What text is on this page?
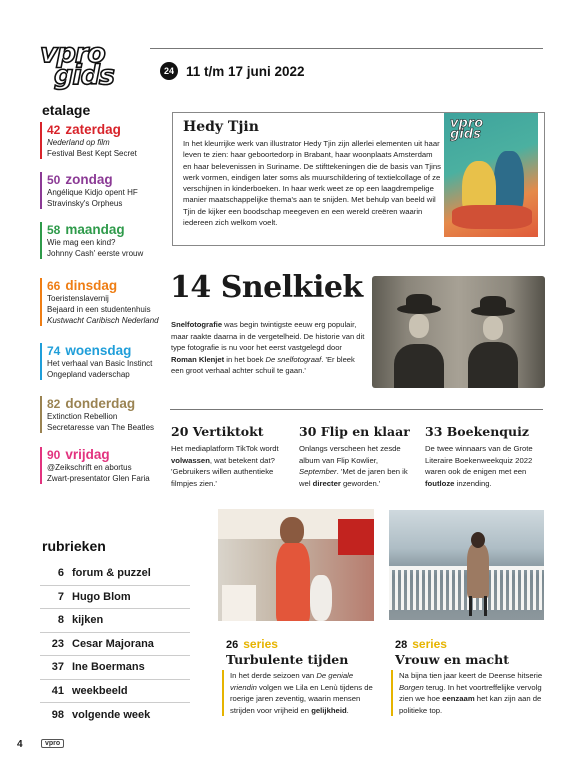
vpro
gids	24 11 t/m 17 juni 2022
etalage
42 zaterdag
Nederland op film
Festival Best Kept Secret
50 zondag
Angélique Kidjo opent HF
Stravinsky's Orpheus
58 maandag
Wie mag een kind?
Johnny Cash' eerste vrouw
66 dinsdag
Toeristenslavernij
Bejaard in een studentenhuis
Kustwacht Caribisch Nederland
74 woensdag
Het verhaal van Basic Instinct
Ongepland vaderschap
82 donderdag
Extinction Rebellion
Secretaresse van The Beatles
90 vrijdag
@Zeikschrift en abortus
Zwart-presentator Glen Faria
rubrieken
6 forum & puzzel
7 Hugo Blom
8 kijken
23 Cesar Majorana
37 Ine Boermans
41 weekbeeld
98 volgende week
Hedy Tjin
In het kleurrijke werk van illustrator Hedy Tjin zijn allerlei elementen uit haar leven te zien: haar geboortedorp in Brabant, haar woonplaats Amsterdam en haar belevenissen in Suriname. De stifttekeningen die de basis van Tjins werk vormen, eindigen later soms als muurschildering of textielcollage of ze verschijnen in kinderboeken. In haar werk weet ze op een laagdrempelige manier maatschappelijke thema's aan te snijden. Met behulp van beeld wil Tjin de kijker een boodschap meegeven en een wereld creëren waarin iedereen zich welkom voelt.
vpro
gids
14 Snelkiek
Snelfotografie was begin twintigste eeuw erg populair, maar raakte daarna in de vergetelheid. De historie van dit type fotografie is nu voor het eerst vastgelegd door Roman Klenjet in het boek De snelfotograaf. 'Er bleek een groot verhaal achter schuil te gaan.'
20 Vertiktokt
Het mediaplatform TikTok wordt volwassen, wat betekent dat? 'Gebruikers willen authentieke filmpjes zien.'
30 Flip en klaar
Onlangs verscheen het zesde album van Flip Kowlier, September. 'Met de jaren ben ik wel directer geworden.'
33 Boekenquiz
De twee winnaars van de Grote Literaire Boekenweekquiz 2022 waren ook de enigen met een foutloze inzending.
26 series
Turbulente tijden
In het derde seizoen van De geniale vriendin volgen we Lila en Lenù tijdens de roerige jaren zeventig, waarin mensen strijden voor vrijheid en gelijkheid.
28 series
Vrouw en macht
Na bijna tien jaar keert de Deense hitserie Borgen terug. In het voortreffelijke vervolg zien we hoe eenzaam het kan zijn aan de politieke top.
4	vpro
